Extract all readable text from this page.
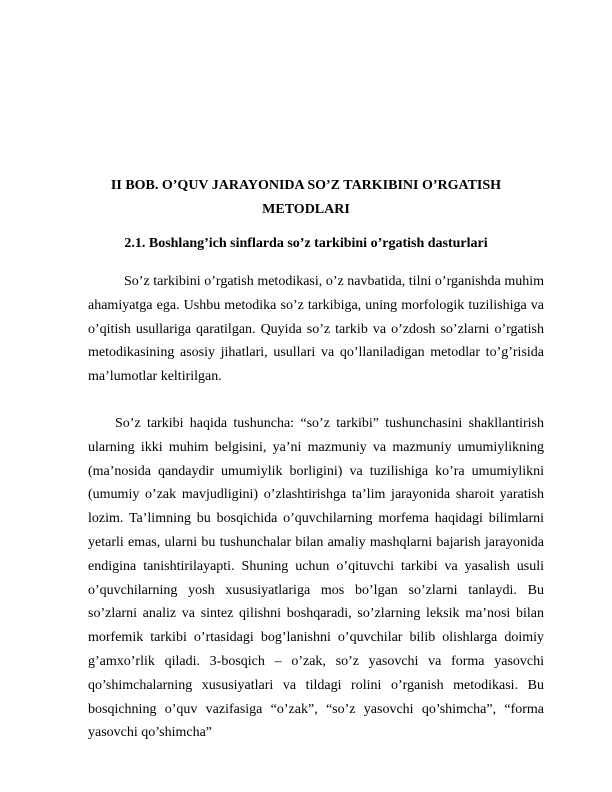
II BOB. O’QUV JARAYONIDA SO’Z TARKIBINI O’RGATISH METODLARI
2.1. Boshlang’ich sinflarda so’z tarkibini o’rgatish dasturlari

So’z tarkibini o’rgatish metodikasi, o’z navbatida, tilni o’rganishda muhim ahamiyatga ega. Ushbu metodika so’z tarkibiga, uning morfologik tuzilishiga va o’qitish usullariga qaratilgan. Quyida so’z tarkib va o’zdosh so’zlarni o’rgatish metodikasining asosiy jihatlari, usullari va qo’llaniladigan metodlar to’g’risida ma’lumotlar keltirilgan.

So’z tarkibi haqida tushuncha: “so’z tarkibi” tushunchasini shakllantirish ularning ikki muhim belgisini, ya’ni mazmuniy va mazmuniy umumiylikning (ma’nosida qandaydir umumiylik borligini) va tuzilishiga ko’ra umumiylikni (umumiy o’zak mavjudligini) o’zlashtirishga ta’lim jarayonida sharoit yaratish lozim. Ta’limning bu bosqichida o’quvchilarning morfema haqidagi bilimlarni yetarli emas, ularni bu tushunchalar bilan amaliy mashqlarni bajarish jarayonida endigina tanishtirilayapti. Shuning uchun o’qituvchi tarkibi va yasalish usuli o’quvchilarning yosh xususiyatlariga mos bo’lgan so’zlarni tanlaydi. Bu so’zlarni analiz va sintez qilishni boshqaradi, so’zlarning leksik ma’nosi bilan morfemik tarkibi o’rtasidagi bog’lanishni o’quvchilar bilib olishlarga doimiy g’amxo’rlik qiladi. 3-bosqich – o’zak, so’z yasovchi va forma yasovchi qo’shimchalarning xususiyatlari va tildagi rolini o’rganish metodikasi. Bu bosqichning o’quv vazifasiga “o’zak”, “so’z yasovchi qo’shimcha”, “forma yasovchi qo’shimcha”
